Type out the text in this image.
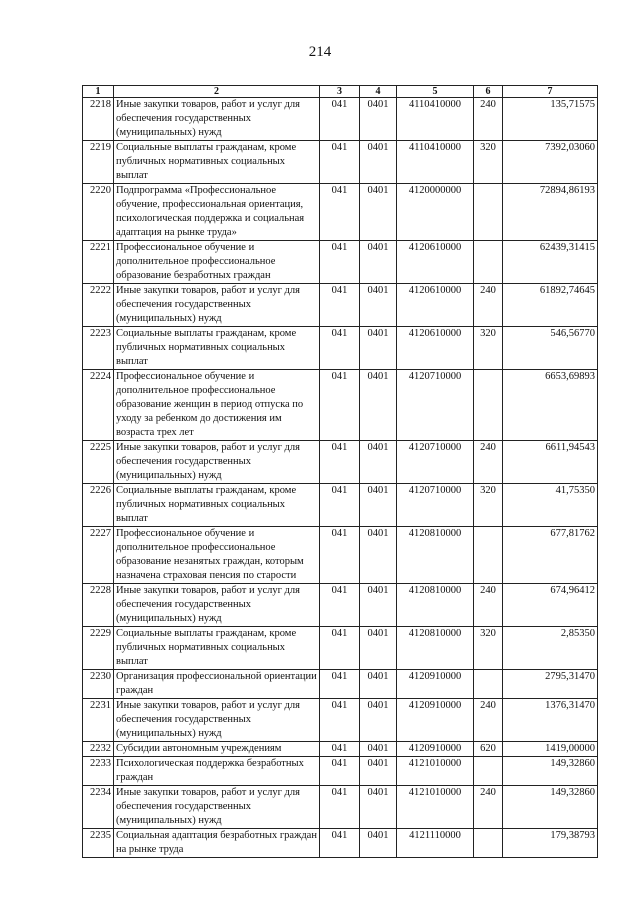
214
1	2	3	4	5	6	7
2218	Иные закупки товаров, работ и услуг для обеспечения государственных (муниципальных) нужд	041	0401	4110410000	240	135,71575
2219	Социальные выплаты гражданам, кроме публичных нормативных социальных выплат	041	0401	4110410000	320	7392,03060
2220	Подпрограмма «Профессиональное обучение, профессиональная ориентация, психологическая поддержка и социальная адаптация на рынке труда»	041	0401	4120000000		72894,86193
2221	Профессиональное обучение и дополнительное профессиональное образование безработных граждан	041	0401	4120610000		62439,31415
2222	Иные закупки товаров, работ и услуг для обеспечения государственных (муниципальных) нужд	041	0401	4120610000	240	61892,74645
2223	Социальные выплаты гражданам, кроме публичных нормативных социальных выплат	041	0401	4120610000	320	546,56770
2224	Профессиональное обучение и дополнительное профессиональное образование женщин в период отпуска по уходу за ребенком до достижения им возраста трех лет	041	0401	4120710000		6653,69893
2225	Иные закупки товаров, работ и услуг для обеспечения государственных (муниципальных) нужд	041	0401	4120710000	240	6611,94543
2226	Социальные выплаты гражданам, кроме публичных нормативных социальных выплат	041	0401	4120710000	320	41,75350
2227	Профессиональное обучение и дополнительное профессиональное образование незанятых граждан, которым назначена страховая пенсия по старости	041	0401	4120810000		677,81762
2228	Иные закупки товаров, работ и услуг для обеспечения государственных (муниципальных) нужд	041	0401	4120810000	240	674,96412
2229	Социальные выплаты гражданам, кроме публичных нормативных социальных выплат	041	0401	4120810000	320	2,85350
2230	Организация профессиональной ориентации граждан	041	0401	4120910000		2795,31470
2231	Иные закупки товаров, работ и услуг для обеспечения государственных (муниципальных) нужд	041	0401	4120910000	240	1376,31470
2232	Субсидии автономным учреждениям	041	0401	4120910000	620	1419,00000
2233	Психологическая поддержка безработных граждан	041	0401	4121010000		149,32860
2234	Иные закупки товаров, работ и услуг для обеспечения государственных (муниципальных) нужд	041	0401	4121010000	240	149,32860
2235	Социальная адаптация безработных граждан на рынке труда	041	0401	4121110000		179,38793
